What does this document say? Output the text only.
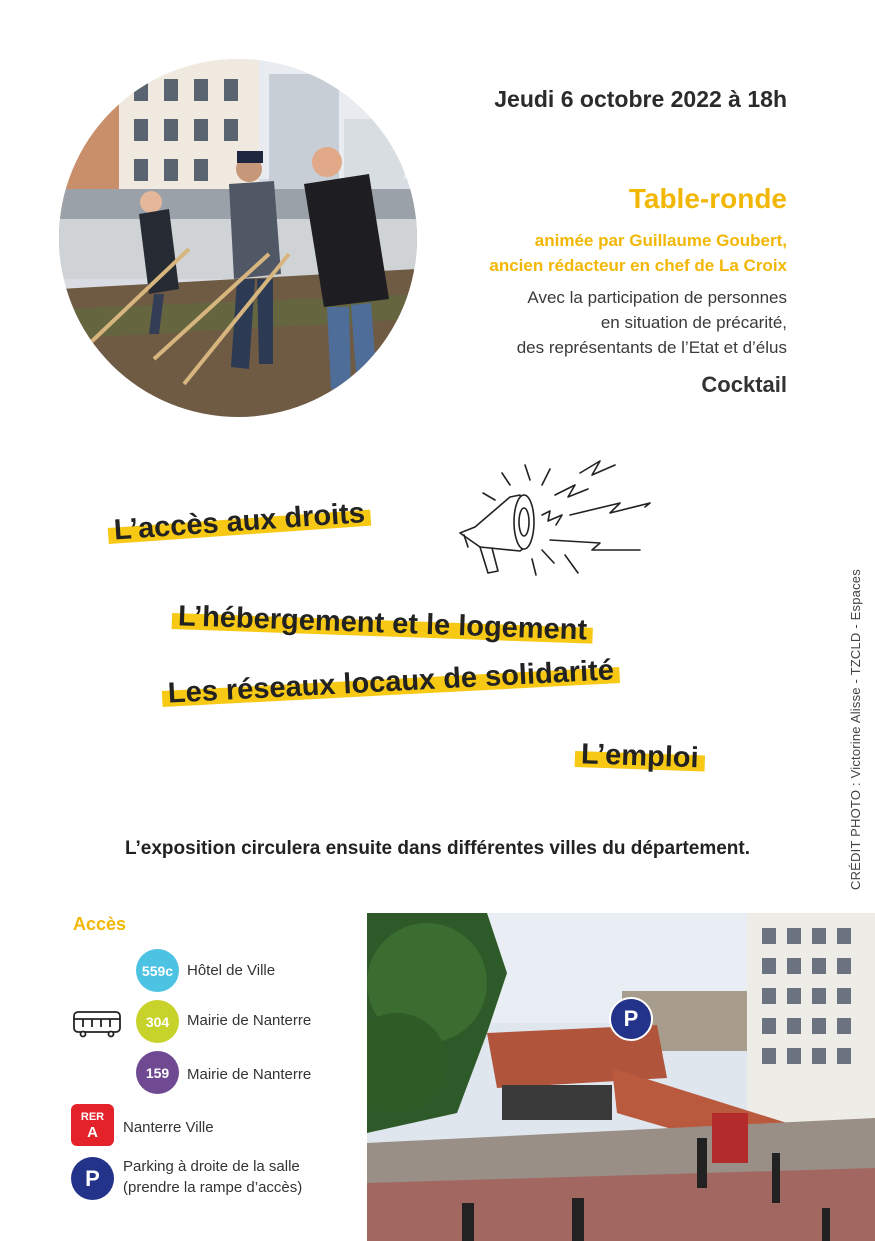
Jeudi 6 octobre 2022 à 18h
Table-ronde
animée par Guillaume Goubert,
ancien rédacteur en chef de La Croix
Avec la participation de personnes
en situation de précarité,
des représentants de l’Etat et d’élus
Cocktail
L’accès aux droits
L’hébergement et le logement
Les réseaux locaux de solidarité
L’emploi	CRÉDIT PHOTO : Victorine Alisse - TZCLD - Espaces
L’exposition circulera ensuite dans différentes villes du département.
Accès
559c Hôtel de Ville
304	Mairie de Nanterre
159	Mairie de Nanterre
RER
A	Nanterre Ville
P	Parking à droite de la salle
(prendre la rampe d’accès)
P
